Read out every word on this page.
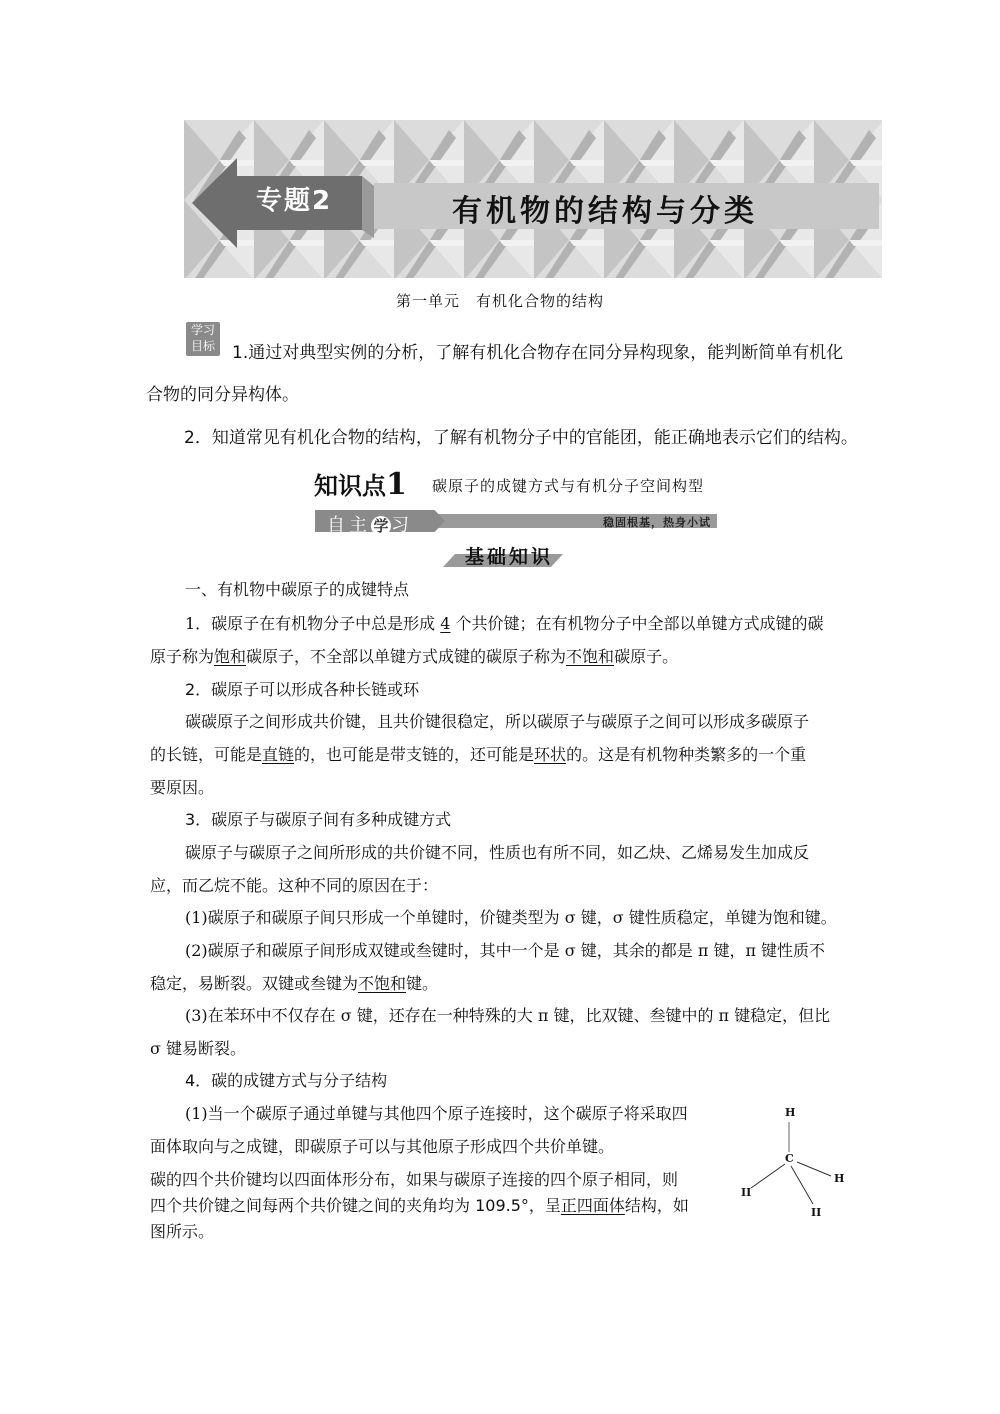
专题2	有机物的结构与分类
第一单元　有机化合物的结构
学习
目标 1.通过对典型实例的分析，了解有机化合物存在同分异构现象，能判断简单有机化
合物的同分异构体。
2．知道常见有机化合物的结构，了解有机物分子中的官能团，能正确地表示它们的结构。
知识点1 碳原子的成键方式与有机分子空间构型
自主 学 习	稳固根基，热身小试
基础知识
一、有机物中碳原子的成键特点
1．碳原子在有机物分子中总是形成 4 个共价键；在有机物分子中全部以单键方式成键的碳
原子称为饱和碳原子，不全部以单键方式成键的碳原子称为不饱和碳原子。
2．碳原子可以形成各种长链或环
碳碳原子之间形成共价键，且共价键很稳定，所以碳原子与碳原子之间可以形成多碳原子
的长链，可能是直链的，也可能是带支链的，还可能是环状的。这是有机物种类繁多的一个重
要原因。
3．碳原子与碳原子间有多种成键方式
碳原子与碳原子之间所形成的共价键不同，性质也有所不同，如乙炔、乙烯易发生加成反
应，而乙烷不能。这种不同的原因在于：
(1)碳原子和碳原子间只形成一个单键时，价键类型为 σ 键，σ 键性质稳定，单键为饱和键。
(2)碳原子和碳原子间形成双键或叁键时，其中一个是 σ 键，其余的都是 π 键，π 键性质不
稳定，易断裂。双键或叁键为不饱和键。
(3)在苯环中不仅存在 σ 键，还存在一种特殊的大 π 键，比双键、叁键中的 π 键稳定，但比
σ 键易断裂。
4．碳的成键方式与分子结构
(1)当一个碳原子通过单键与其他四个原子连接时，这个碳原子将采取四
面体取向与之成键，即碳原子可以与其他原子形成四个共价单键。
碳的四个共价键均以四面体形分布，如果与碳原子连接的四个原子相同，则
四个共价键之间每两个共价键之间的夹角均为 109.5°，呈正四面体结构，如
图所示。
H
C
H
II
II
